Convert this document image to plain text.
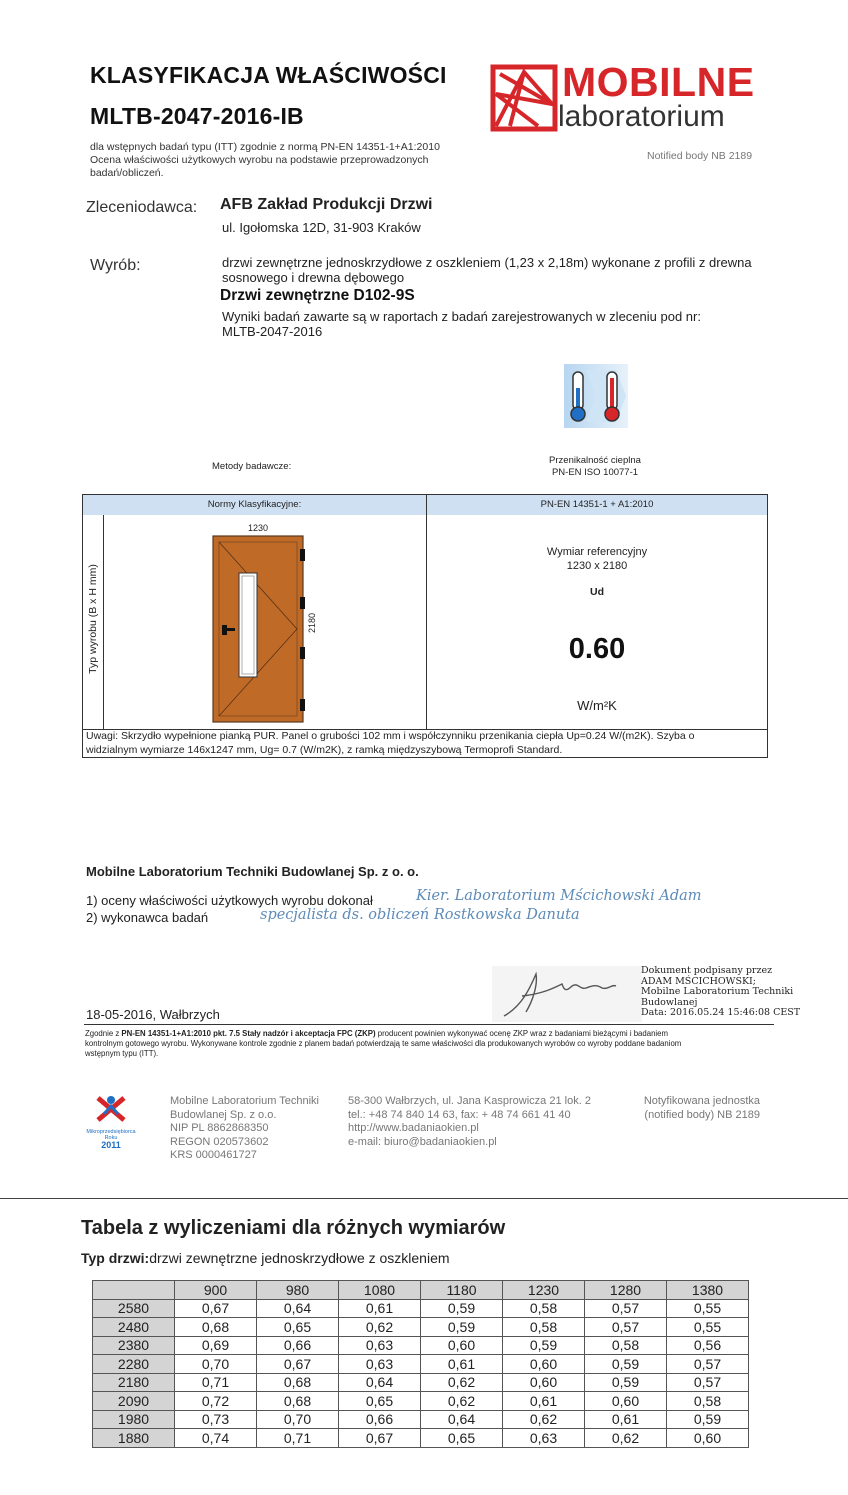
KLASYFIKACJA WŁAŚCIWOŚCI
MLTB-2047-2016-IB
dla wstępnych badań typu (ITT) zgodnie z normą PN-EN 14351-1+A1:2010
Ocena właściwości użytkowych wyrobu na podstawie przeprowadzonych
badań/obliczeń.
MOBILNE
laboratorium
Notified body NB 2189
Zleceniodawca: AFB Zakład Produkcji Drzwi
ul. Igołomska 12D, 31-903 Kraków
Wyrób:	drzwi zewnętrzne jednoskrzydłowe z oszkleniem (1,23 x 2,18m) wykonane z profili z drewna
sosnowego i drewna dębowego
Drzwi zewnętrzne D102-9S
Wyniki badań zawarte są w raportach z badań zarejestrowanych w zleceniu pod nr:
MLTB-2047-2016
Metody badawcze:
Przenikalność cieplna
PN-EN ISO 10077-1
Normy Klasyfikacyjne:	PN-EN 14351-1 + A1:2010
Typ wyrobu (B x H mm)
1230
2180
Wymiar referencyjny
1230 x 2180
Ud
0.60
W/m²K
Uwagi: Skrzydło wypełnione pianką PUR. Panel o grubości 102 mm i współczynniku przenikania ciepła Up=0.24 W/(m2K). Szyba o
widzialnym wymiarze 146x1247 mm, Ug= 0.7 (W/m2K), z ramką międzyszybową Termoprofi Standard.
Mobilne Laboratorium Techniki Budowlanej Sp. z o. o.
1) oceny właściwości użytkowych wyrobu dokonał	Kier. Laboratorium Mścichowski Adam
2) wykonawca badań	specjalista ds. obliczeń Rostkowska Danuta
18-05-2016, Wałbrzych
Dokument podpisany przez
ADAM MŚCICHOWSKI;
Mobilne Laboratorium Techniki
Budowlanej
Data: 2016.05.24 15:46:08 CEST
Zgodnie z PN-EN 14351-1+A1:2010 pkt. 7.5 Stały nadzór i akceptacja FPC (ZKP) producent powinien wykonywać ocenę ZKP wraz z badaniami bieżącymi i badaniem
kontrolnym gotowego wyrobu. Wykonywane kontrole zgodnie z planem badań potwierdzają te same właściwości dla produkowanych wyrobów co wyroby poddane badaniom
wstępnym typu (ITT).
Mikroprzedsiębiorca
Roku
2011
Mobilne Laboratorium Techniki
Budowlanej Sp. z o.o.
NIP PL 8862868350
REGON 020573602
KRS 0000461727
58-300 Wałbrzych, ul. Jana Kasprowicza 21 lok. 2
tel.: +48 74 840 14 63, fax: + 48 74 661 41 40
http://www.badaniaokien.pl
e-mail: biuro@badaniaokien.pl
Notyfikowana jednostka
(notified body) NB 2189
Tabela z wyliczeniami dla różnych wymiarów
Typ drzwi:drzwi zewnętrzne jednoskrzydłowe z oszkleniem
	900	980	1080	1180	1230	1280	1380
2580	0,67	0,64	0,61	0,59	0,58	0,57	0,55
2480	0,68	0,65	0,62	0,59	0,58	0,57	0,55
2380	0,69	0,66	0,63	0,60	0,59	0,58	0,56
2280	0,70	0,67	0,63	0,61	0,60	0,59	0,57
2180	0,71	0,68	0,64	0,62	0,60	0,59	0,57
2090	0,72	0,68	0,65	0,62	0,61	0,60	0,58
1980	0,73	0,70	0,66	0,64	0,62	0,61	0,59
1880	0,74	0,71	0,67	0,65	0,63	0,62	0,60
